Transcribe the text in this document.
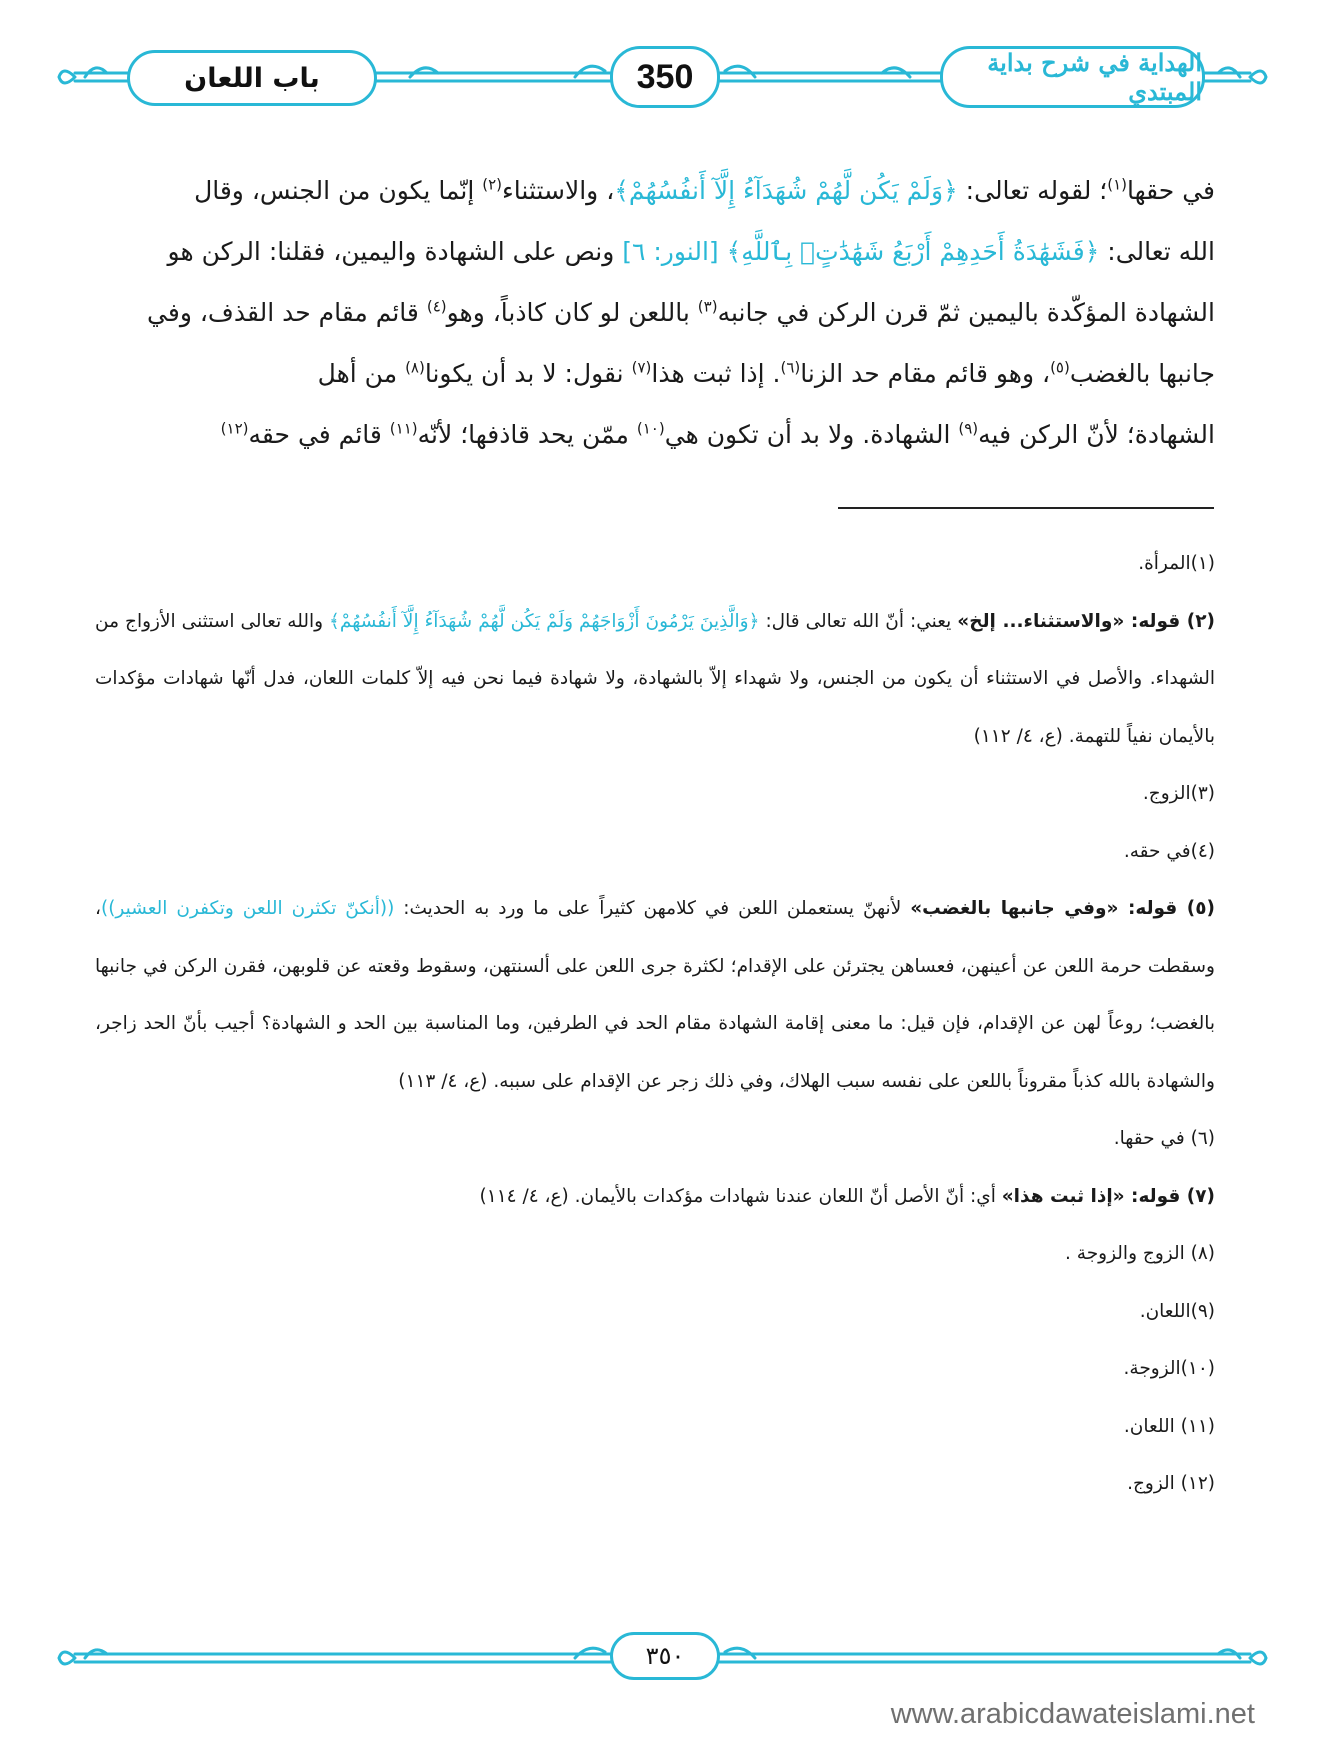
باب اللعان	350	الهداية في شرح بداية المبتدي
في حقها$^{(١)}$؛ لقوله تعالى: ﴿وَلَمْ يَكُن لَّهُمْ شُهَدَآءُ إِلَّآ أَنفُسُهُمْ﴾، والاستثناء$^{(٢)}$ إنّما يكون من الجنس، وقال
الله تعالى: ﴿فَشَهَٰدَةُ أَحَدِهِمْ أَرْبَعُ شَهَٰدَٰتٍۭ بِٱللَّهِ﴾ [النور: ٦] ونص على الشهادة واليمين، فقلنا: الركن هو
الشهادة المؤكّدة باليمين ثمّ قرن الركن في جانبه$^{(٣)}$ باللعن لو كان كاذباً، وهو$^{(٤)}$ قائم مقام حد القذف، وفي
جانبها بالغضب$^{(٥)}$، وهو قائم مقام حد الزنا$^{(٦)}$. إذا ثبت هذا$^{(٧)}$ نقول: لا بد أن يكونا$^{(٨)}$ من أهل
الشهادة؛ لأنّ الركن فيه$^{(٩)}$ الشهادة. ولا بد أن تكون هي$^{(١٠)}$ ممّن يحد قاذفها؛ لأنّه$^{(١١)}$ قائم في حقه$^{(١٢)}$
(١)المرأة.
(٢) قوله: «والاستثناء... إلخ» يعني: أنّ الله تعالى قال: ﴿وَالَّذِينَ يَرْمُونَ أَزْوَاجَهُمْ وَلَمْ يَكُن لَّهُمْ شُهَدَآءُ إِلَّآ أَنفُسُهُمْ﴾ والله تعالى استثنى الأزواج من الشهداء. والأصل في الاستثناء أن يكون من الجنس، ولا شهداء إلاّ بالشهادة، ولا شهادة فيما نحن فيه إلاّ كلمات اللعان، فدل أنّها شهادات مؤكدات بالأيمان نفياً للتهمة. (ع، ٤/ ١١٢)
(٣)الزوج.
(٤)في حقه.
(٥) قوله: «وفي جانبها بالغضب» لأنهنّ يستعملن اللعن في كلامهن كثيراً على ما ورد به الحديث: ((أنكنّ تكثرن اللعن وتكفرن العشير))، وسقطت حرمة اللعن عن أعينهن، فعساهن يجترئن على الإقدام؛ لكثرة جرى اللعن على ألسنتهن، وسقوط وقعته عن قلوبهن، فقرن الركن في جانبها بالغضب؛ روعاً لهن عن الإقدام، فإن قيل: ما معنى إقامة الشهادة مقام الحد في الطرفين، وما المناسبة بين الحد و الشهادة؟ أجيب بأنّ الحد زاجر، والشهادة بالله كذباً مقروناً باللعن على نفسه سبب الهلاك، وفي ذلك زجر عن الإقدام على سببه. (ع، ٤/ ١١٣)
(٦) في حقها.
(٧) قوله: «إذا ثبت هذا» أي: أنّ الأصل أنّ اللعان عندنا شهادات مؤكدات بالأيمان. (ع، ٤/ ١١٤)
(٨) الزوج والزوجة .
(٩)اللعان.
(١٠)الزوجة.
(١١) اللعان.
(١٢) الزوج.
٣٥٠
www.arabicdawateislami.net
